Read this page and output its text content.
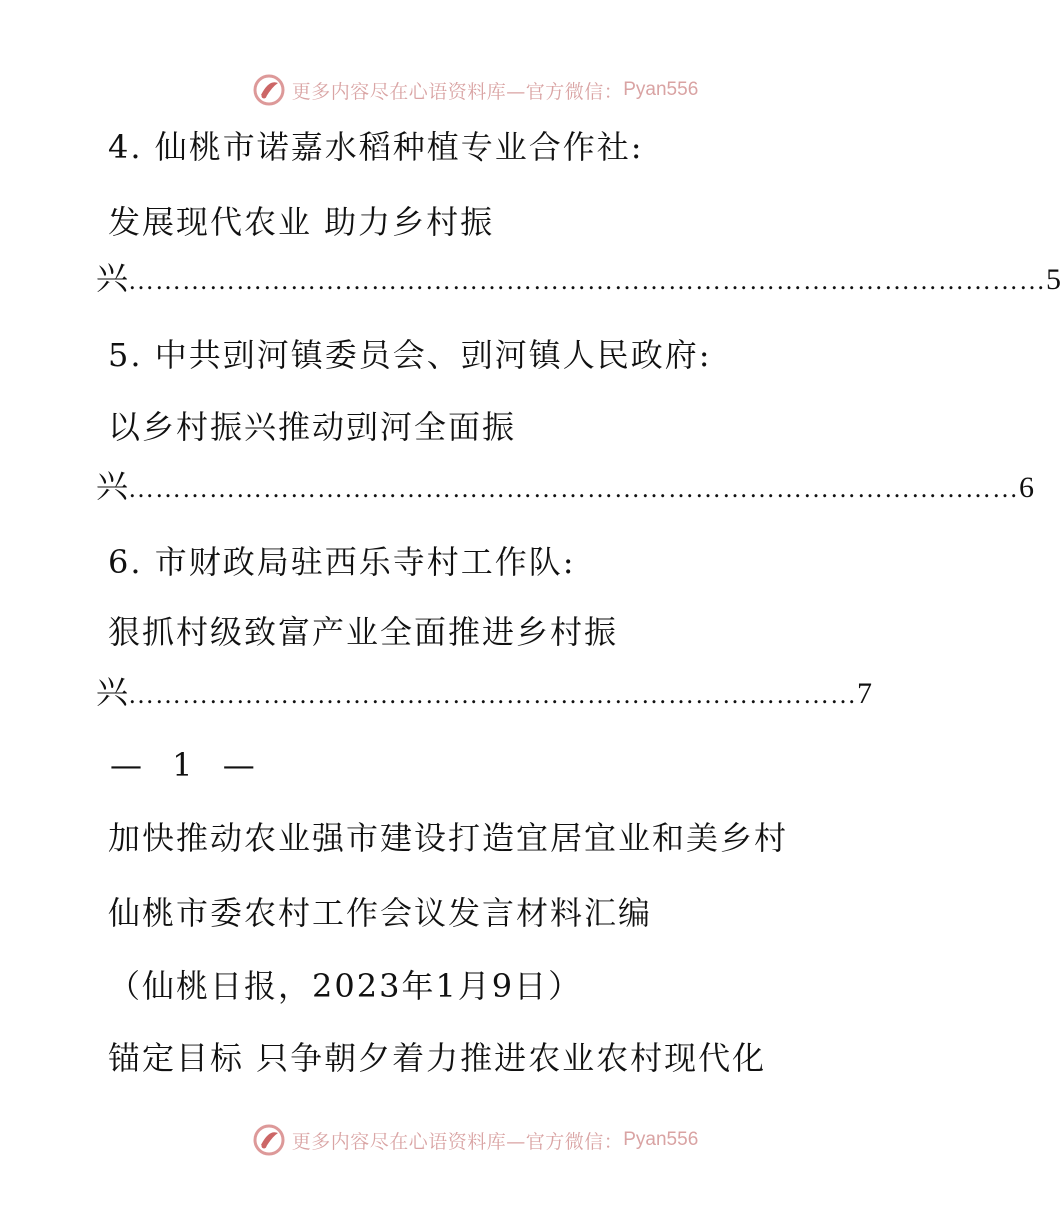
更多内容尽在心语资料库—官方微信： Pyan556
4. 仙桃市诺嘉水稻种植专业合作社:
发展现代农业 助力乡村振
兴 ………………………………………………………………………………………… 5
5. 中共剅河镇委员会、剅河镇人民政府:
以乡村振兴推动剅河全面振
兴 ……………………………………………………………………………………… 6
6. 市财政局驻西乐寺村工作队:
狠抓村级致富产业全面推进乡村振
兴 ……………………………………………………………………… 7
— 1 —
加快推动农业强市建设打造宜居宜业和美乡村
仙桃市委农村工作会议发言材料汇编
（仙桃日报，2023年1月9日）
锚定目标 只争朝夕着力推进农业农村现代化
更多内容尽在心语资料库—官方微信： Pyan556
